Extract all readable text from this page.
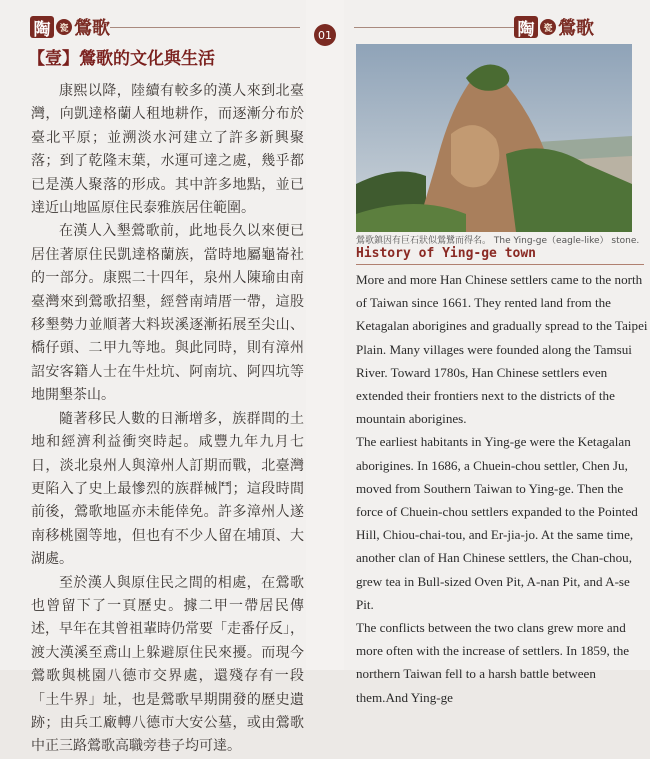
陶 瓷 鶯歌
【壹】鶯歌的文化與生活

康熙以降，陸續有較多的漢人來到北臺灣，向凱達格蘭人租地耕作，而逐漸分布於臺北平原；並溯淡水河建立了許多新興聚落；到了乾隆末葉，水運可達之處，幾乎都已是漢人聚落的形成。其中許多地點，並已達近山地區原住民泰雅族居住範圍。

在漢人入墾鶯歌前，此地長久以來便已居住著原住民凱達格蘭族，當時地屬龜崙社的一部分。康熙二十四年，泉州人陳瑜由南臺灣來到鶯歌招墾，經營南靖厝一帶，這股移墾勢力並順著大料崁溪逐漸拓展至尖山、橋仔頭、二甲九等地。與此同時，則有漳州詔安客籍人士在牛灶坑、阿南坑、阿四坑等地開墾茶山。

隨著移民人數的日漸增多，族群間的土地和經濟利益衝突時起。咸豐九年九月七日，淡北泉州人與漳州人訂期而戰，北臺灣更陷入了史上最慘烈的族群械鬥；這段時間前後，鶯歌地區亦未能倖免。許多漳州人遂南移桃園等地，但也有不少人留在埔頂、大湖處。

至於漢人與原住民之間的相處，在鶯歌也曾留下了一頁歷史。據二甲一帶居民傳述，早年在其曾祖輩時仍常要「走番仔反」，渡大漢溪至鳶山上躲避原住民來擾。而現今鶯歌與桃園八德市交界處，還殘存有一段「土牛界」址，也是鶯歌早期開發的歷史遺跡；由兵工廠轉八德市大安公墓，或由鶯歌中正三路鶯歌高職旁巷子均可達。

01	陶 瓷 鶯歌
鶯歌鎮因有巨石狀似鶯鷺而得名。 The Ying-ge（eagle-like） stone.
History of Ying-ge town

More and more Han Chinese settlers came to the north of Taiwan since 1661. They rented land from the Ketagalan aborigines and gradually spread to the Taipei Plain. Many villages were founded along the Tamsui River. Toward 1780s, Han Chinese settlers even extended their frontiers next to the districts of the mountain aborigines.

The earliest habitants in Ying-ge were the Ketagalan aborigines. In 1686, a Chuein-chou settler, Chen Ju, moved from Southern Taiwan to Ying-ge. Then the force of Chuein-chou settlers expanded to the Pointed Hill, Chiou-chai-tou, and Er-jia-jo. At the same time, another clan of Han Chinese settlers, the Chan-chou, grew tea in Bull-sized Oven Pit, A-nan Pit, and A-se Pit.

The conflicts between the two clans grew more and more often with the increase of settlers. In 1859, the northern Taiwan fell to a harsh battle between them.And Ying-ge
